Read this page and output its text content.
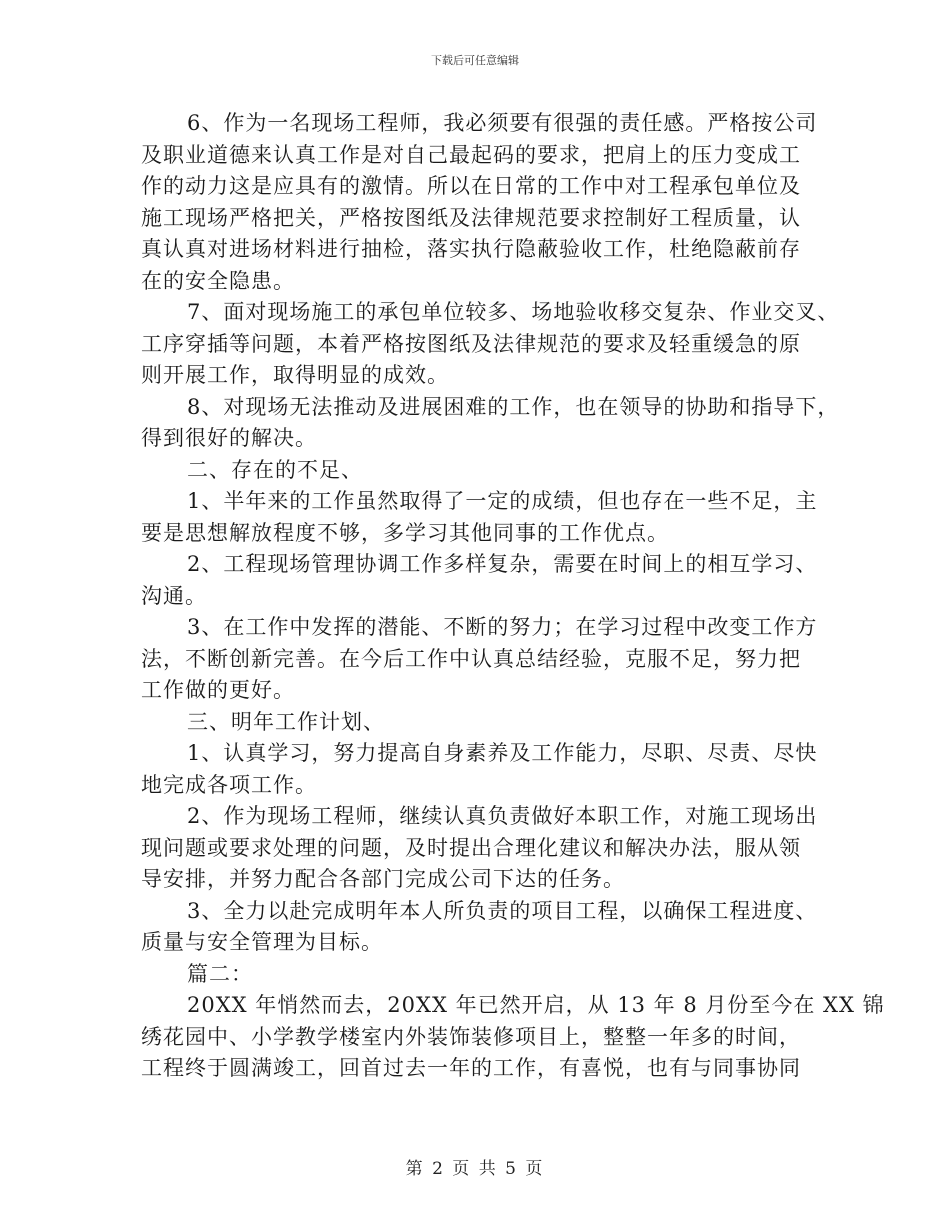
下载后可任意编辑
6、作为一名现场工程师，我必须要有很强的责任感。严格按公司
及职业道德来认真工作是对自己最起码的要求，把肩上的压力变成工
作的动力这是应具有的激情。所以在日常的工作中对工程承包单位及
施工现场严格把关，严格按图纸及法律规范要求控制好工程质量，认
真认真对进场材料进行抽检，落实执行隐蔽验收工作，杜绝隐蔽前存
在的安全隐患。
7、面对现场施工的承包单位较多、场地验收移交复杂、作业交叉、
工序穿插等问题，本着严格按图纸及法律规范的要求及轻重缓急的原
则开展工作，取得明显的成效。
8、对现场无法推动及进展困难的工作，也在领导的协助和指导下，
得到很好的解决。
二、存在的不足、
1、半年来的工作虽然取得了一定的成绩，但也存在一些不足，主
要是思想解放程度不够，多学习其他同事的工作优点。
2、工程现场管理协调工作多样复杂，需要在时间上的相互学习、
沟通。
3、在工作中发挥的潜能、不断的努力；在学习过程中改变工作方
法，不断创新完善。在今后工作中认真总结经验，克服不足，努力把
工作做的更好。
三、明年工作计划、
1、认真学习，努力提高自身素养及工作能力，尽职、尽责、尽快
地完成各项工作。
2、作为现场工程师，继续认真负责做好本职工作，对施工现场出
现问题或要求处理的问题，及时提出合理化建议和解决办法，服从领
导安排，并努力配合各部门完成公司下达的任务。
3、全力以赴完成明年本人所负责的项目工程，以确保工程进度、
质量与安全管理为目标。
篇二：
20XX 年悄然而去，20XX 年已然开启，从 13 年 8 月份至今在 XX 锦
绣花园中、小学教学楼室内外装饰装修项目上，整整一年多的时间，
工程终于圆满竣工，回首过去一年的工作，有喜悦，也有与同事协同
第 2 页 共 5 页
